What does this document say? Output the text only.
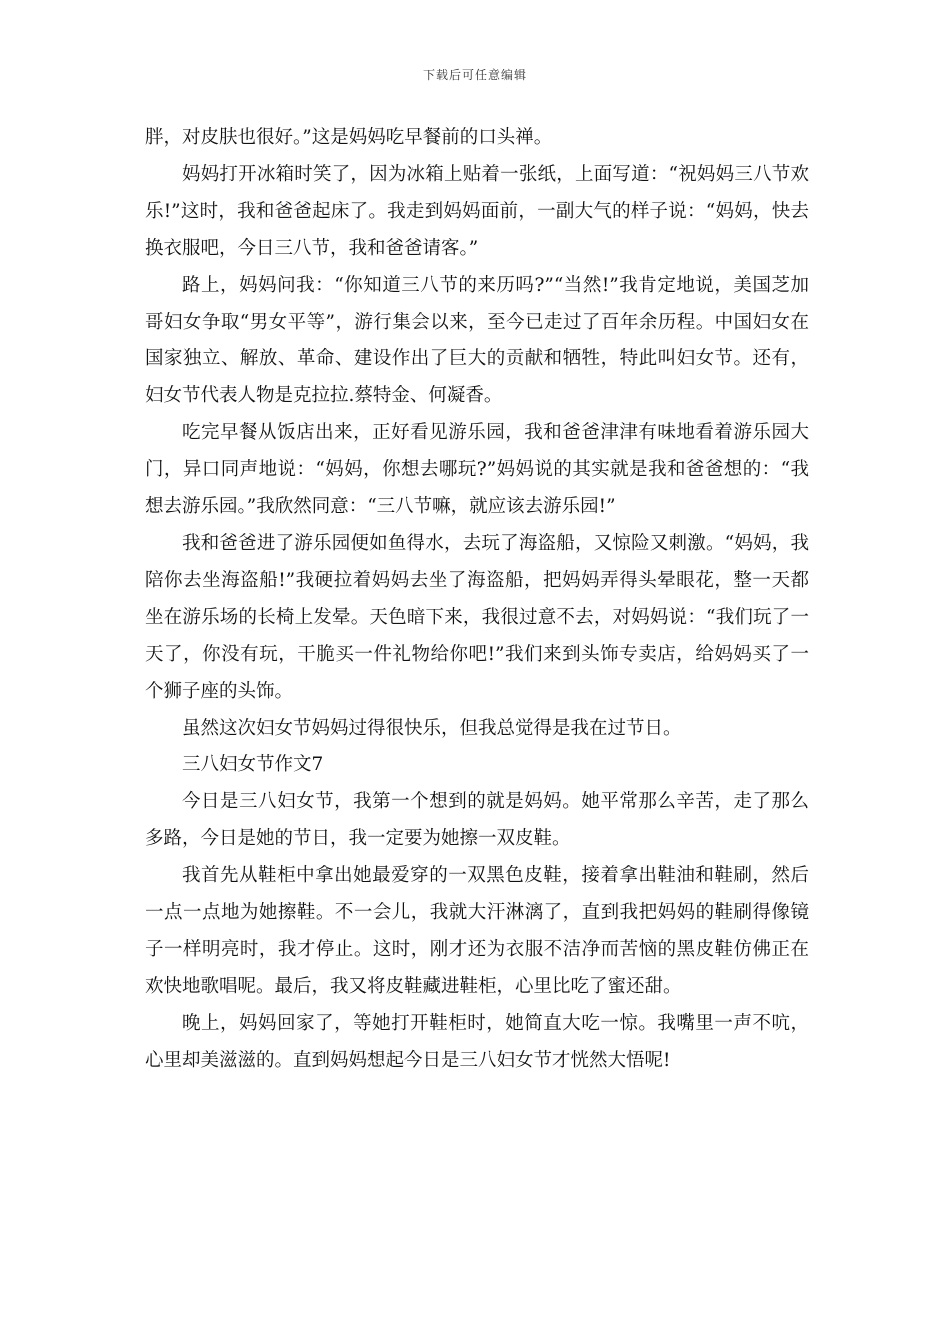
下载后可任意编辑

胖，对皮肤也很好。”这是妈妈吃早餐前的口头禅。

妈妈打开冰箱时笑了，因为冰箱上贴着一张纸，上面写道：“祝妈妈三八节欢乐!”这时，我和爸爸起床了。我走到妈妈面前，一副大气的样子说：“妈妈，快去换衣服吧，今日三八节，我和爸爸请客。”

路上，妈妈问我：“你知道三八节的来历吗?”“当然!”我肯定地说，美国芝加哥妇女争取“男女平等”，游行集会以来，至今已走过了百年余历程。中国妇女在国家独立、解放、革命、建设作出了巨大的贡献和牺牲，特此叫妇女节。还有，妇女节代表人物是克拉拉.蔡特金、何凝香。

吃完早餐从饭店出来，正好看见游乐园，我和爸爸津津有味地看着游乐园大门，异口同声地说：“妈妈，你想去哪玩?”妈妈说的其实就是我和爸爸想的：“我想去游乐园。”我欣然同意：“三八节嘛，就应该去游乐园!”

我和爸爸进了游乐园便如鱼得水，去玩了海盗船，又惊险又刺激。“妈妈，我陪你去坐海盗船!”我硬拉着妈妈去坐了海盗船，把妈妈弄得头晕眼花，整一天都坐在游乐场的长椅上发晕。天色暗下来，我很过意不去，对妈妈说：“我们玩了一天了，你没有玩，干脆买一件礼物给你吧!”我们来到头饰专卖店，给妈妈买了一个狮子座的头饰。

虽然这次妇女节妈妈过得很快乐，但我总觉得是我在过节日。

三八妇女节作文7

今日是三八妇女节，我第一个想到的就是妈妈。她平常那么辛苦，走了那么多路，今日是她的节日，我一定要为她擦一双皮鞋。

我首先从鞋柜中拿出她最爱穿的一双黑色皮鞋，接着拿出鞋油和鞋刷，然后一点一点地为她擦鞋。不一会儿，我就大汗淋漓了，直到我把妈妈的鞋刷得像镜子一样明亮时，我才停止。这时，刚才还为衣服不洁净而苦恼的黑皮鞋仿佛正在欢快地歌唱呢。最后，我又将皮鞋藏进鞋柜，心里比吃了蜜还甜。

晚上，妈妈回家了，等她打开鞋柜时，她简直大吃一惊。我嘴里一声不吭，心里却美滋滋的。直到妈妈想起今日是三八妇女节才恍然大悟呢!
